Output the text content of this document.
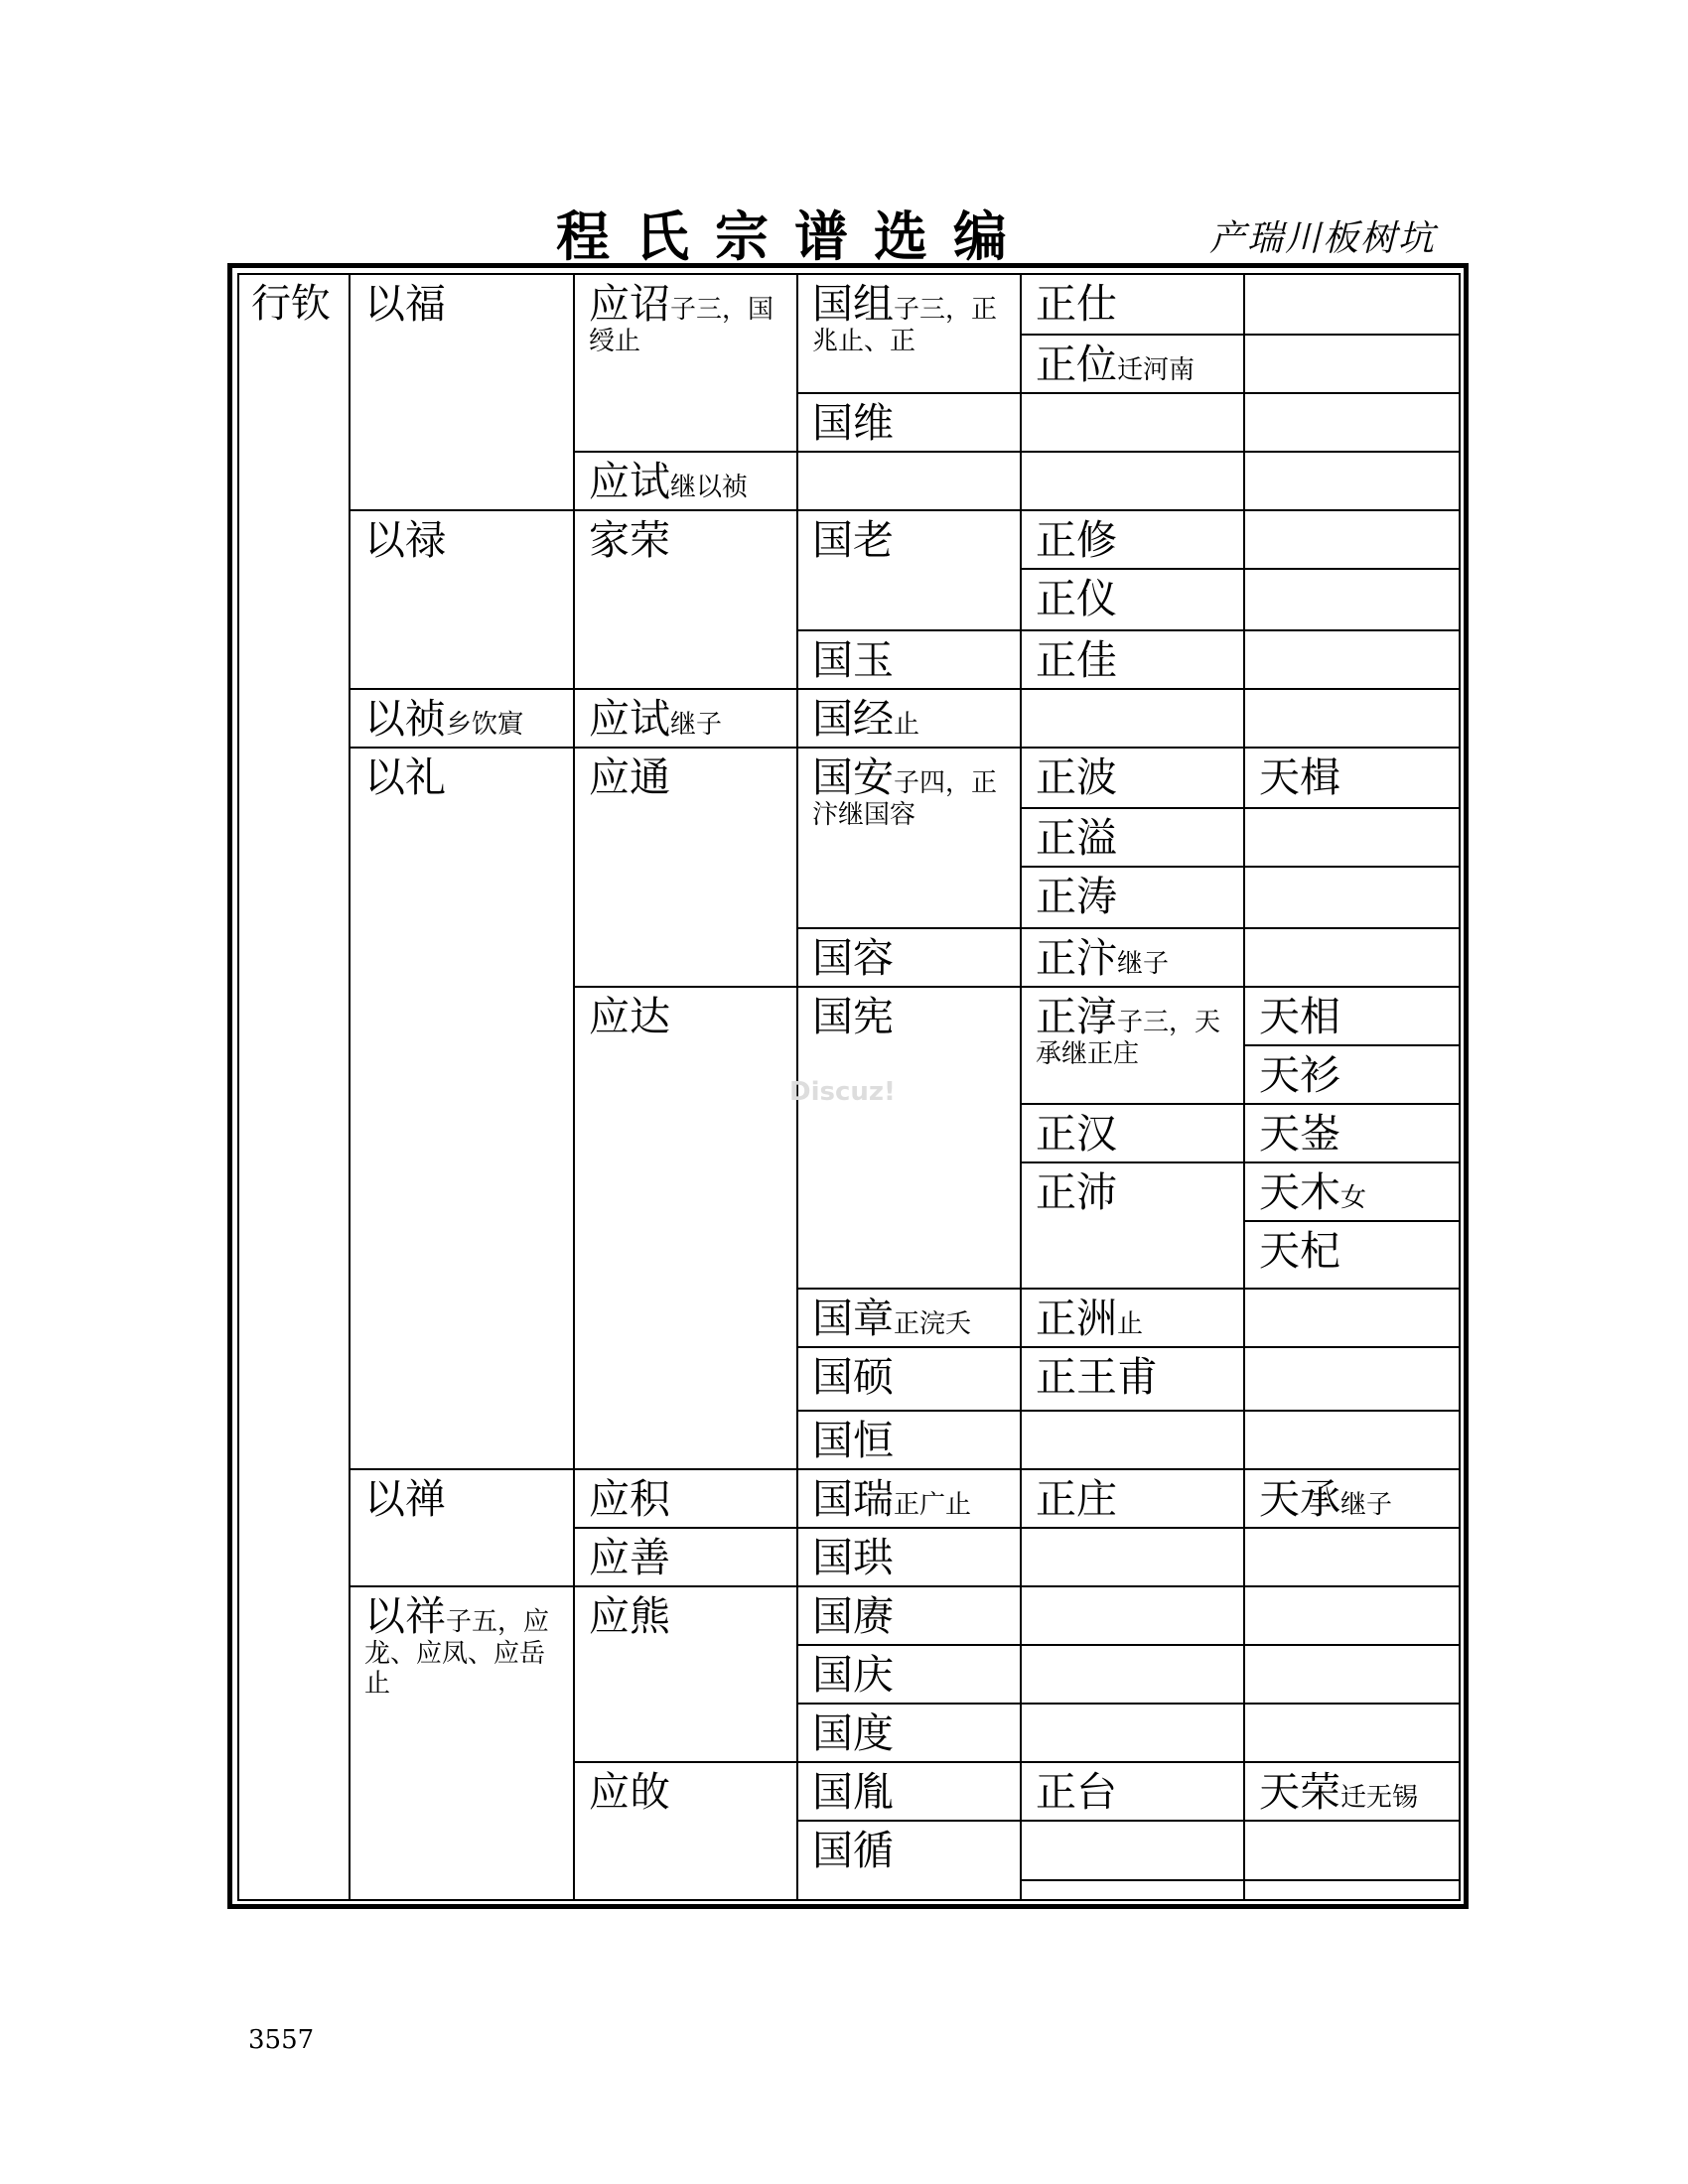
程氏宗谱选编	产瑞川板树坑
行钦 以福
以禄
以祯乡饮賔
以礼
以禅
以祥子五，应龙、应凤、应岳止
应诏子三，国绶止
应试继以祯
家荣
应试继子
应通
应达
应积
应善
应熊
应敀
国组子三，正兆止、正
国维
国老
国玉
国经止
国安子四，正汴继国容
国容
国宪
国章正浣夭
国硕
国恒
国瑞正广止
国珙
国赓
国庆
国度
国胤
国循
正仕
正位迁河南
正修
正仪
正佳
正波
正溢
正涛
正汴继子
正淳子三，天承继正庄
正汉
正沛
正洲止
正王甫
正庄
正台
天楫
天相
天衫
天崟
天木女
天杞
天承继子
天荣迁无锡
Discuz!
3557
